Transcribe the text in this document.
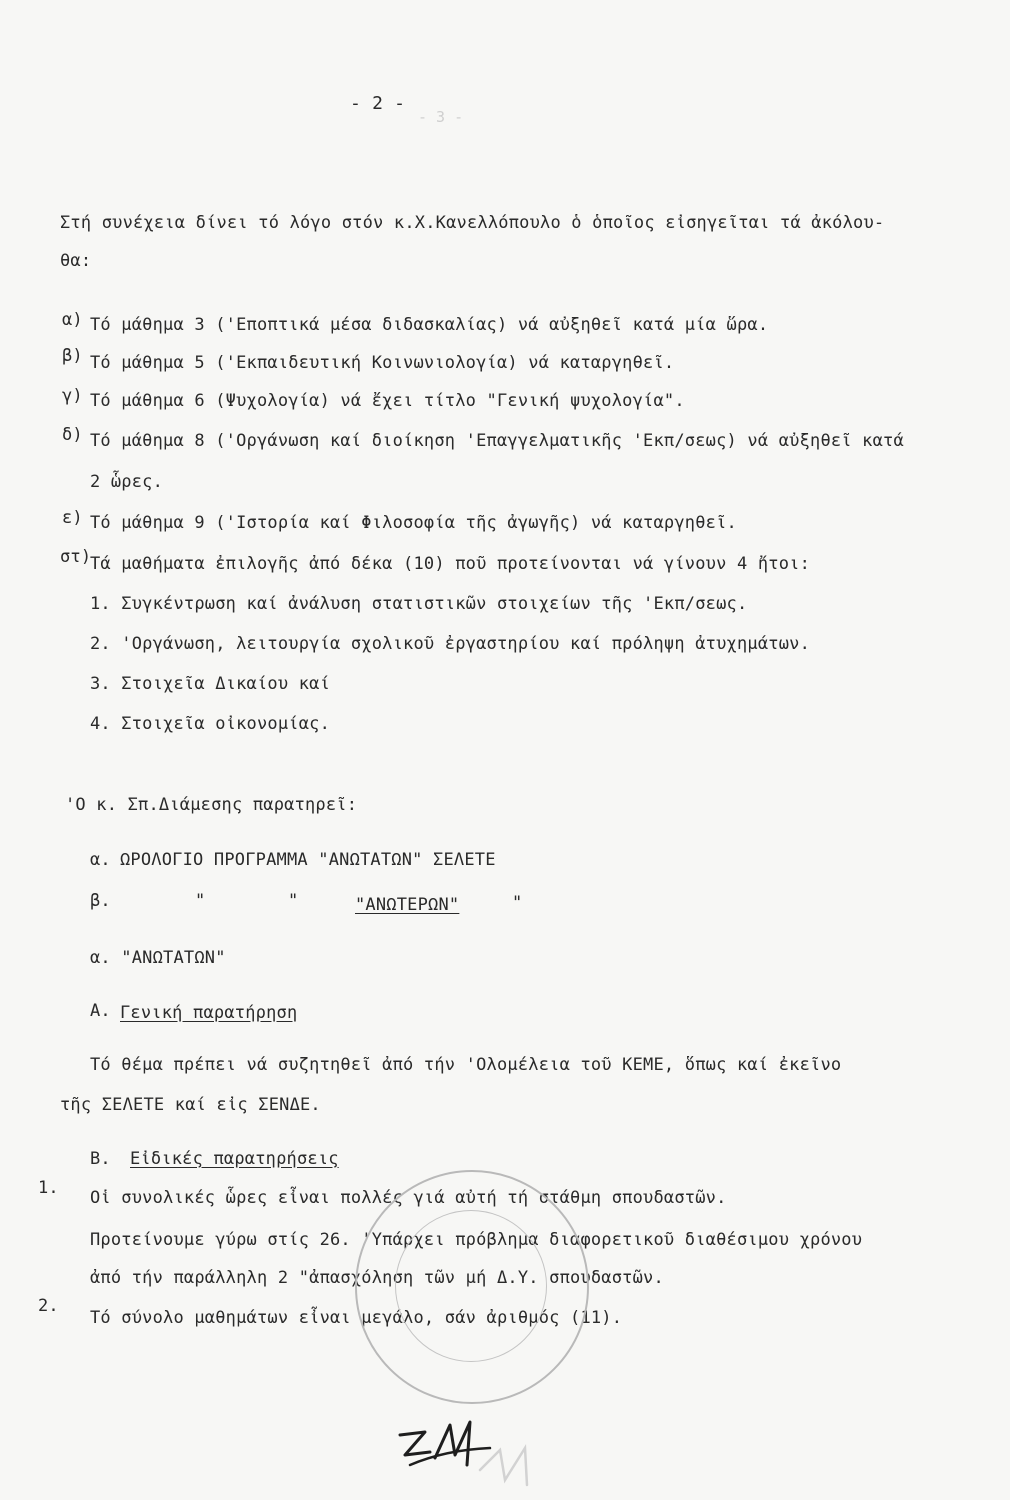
- 3 -
- 2 -
Στή συνέχεια δίνει τό λόγο στόν κ.Χ.Κανελλόπουλο ὁ ὁποῖος εἰσηγεῖται τά ἀκόλου-
θα:
α) Τό μάθημα 3 ('Εποπτικά μέσα διδασκαλίας) νά αὐξηθεῖ κατά μία ὥρα.
β) Τό μάθημα 5 ('Εκπαιδευτική Κοινωνιολογία) νά καταργηθεῖ.
γ) Τό μάθημα 6 (Ψυχολογία) νά ἔχει τίτλο "Γενική ψυχολογία".
δ) Τό μάθημα 8 ('Οργάνωση καί διοίκηση 'Επαγγελματικῆς 'Εκπ/σεως) νά αὐξηθεῖ κατά
2 ὧρες.
ε) Τό μάθημα 9 ('Ιστορία καί Φιλοσοφία τῆς ἀγωγῆς) νά καταργηθεῖ.
στ)
Τά μαθήματα ἐπιλογῆς ἀπό δέκα (10) ποῦ προτείνονται νά γίνουν 4 ἤτοι:
1. Συγκέντρωση καί ἀνάλυση στατιστικῶν στοιχείων τῆς 'Εκπ/σεως.
2. 'Οργάνωση, λειτουργία σχολικοῦ ἐργαστηρίου καί πρόληψη ἀτυχημάτων.
3. Στοιχεῖα Δικαίου καί
4. Στοιχεῖα οἰκονομίας.
'Ο κ. Σπ.Διάμεσης παρατηρεῖ:
α. ΩΡΟΛΟΓΙΟ ΠΡΟΓΡΑΜΜΑ "ΑΝΩΤΑΤΩΝ" ΣΕΛΕΤΕ
β.	"	"	"ΑΝΩΤΕΡΩΝ"	"
α. "ΑΝΩΤΑΤΩΝ"
Α. Γενική παρατήρηση
Τό θέμα πρέπει νά συζητηθεῖ ἀπό τήν 'Ολομέλεια τοῦ ΚΕΜΕ, ὅπως καί ἐκεῖνο
τῆς ΣΕΛΕΤΕ καί εἰς ΣΕΝΔΕ.
Β. Εἰδικές παρατηρήσεις
1. Οἱ συνολικές ὧρες εἶναι πολλές γιά αὐτή τή στάθμη σπουδαστῶν.
Προτείνουμε γύρω στίς 26. 'Υπάρχει πρόβλημα διαφορετικοῦ διαθέσιμου χρόνου
ἀπό τήν παράλληλη 2 "ἀπασχόληση τῶν μή Δ.Υ. σπουδαστῶν.
2.
Τό σύνολο μαθημάτων εἶναι μεγάλο, σάν ἀριθμός (11).
